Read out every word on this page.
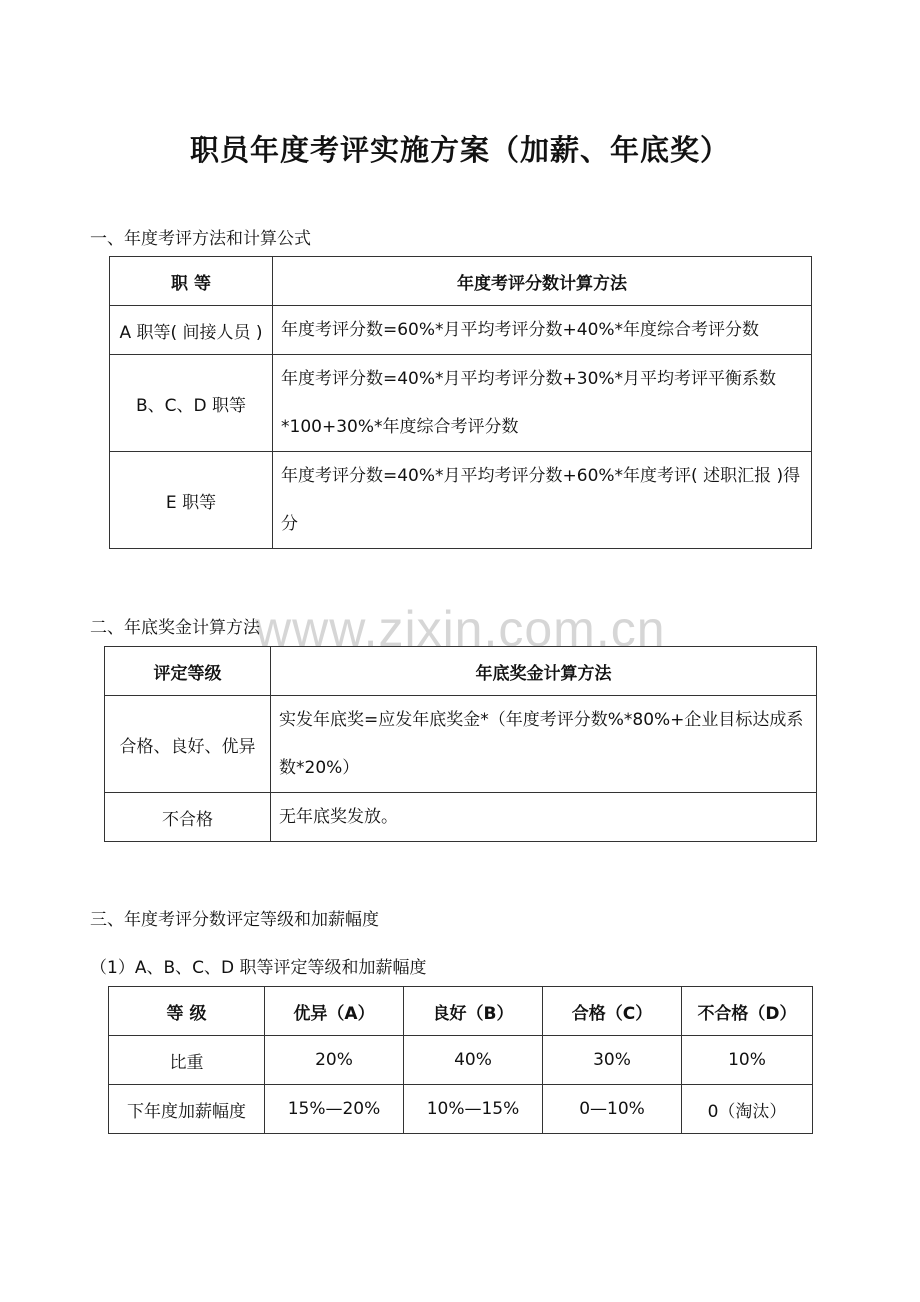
职员年度考评实施方案（加薪、年底奖）
www.zixin.com.cn
一、年度考评方法和计算公式
职 等	年度考评分数计算方法
A 职等( 间接人员 )	年度考评分数=60%*月平均考评分数+40%*年度综合考评分数
B、C、D 职等	年度考评分数=40%*月平均考评分数+30%*月平均考评平衡系数*100+30%*年度综合考评分数
E 职等	年度考评分数=40%*月平均考评分数+60%*年度考评( 述职汇报 )得分
二、年底奖金计算方法
评定等级	年底奖金计算方法
合格、良好、优异	实发年底奖=应发年底奖金*（年度考评分数%*80%+企业目标达成系数*20%）
不合格	无年底奖发放。
三、年度考评分数评定等级和加薪幅度
（1）A、B、C、D 职等评定等级和加薪幅度
等 级	优异（A）	良好（B）	合格（C）	不合格（D）
比重	20%	40%	30%	10%
下年度加薪幅度	15%—20%	10%—15%	0—10%	0（淘汰）
